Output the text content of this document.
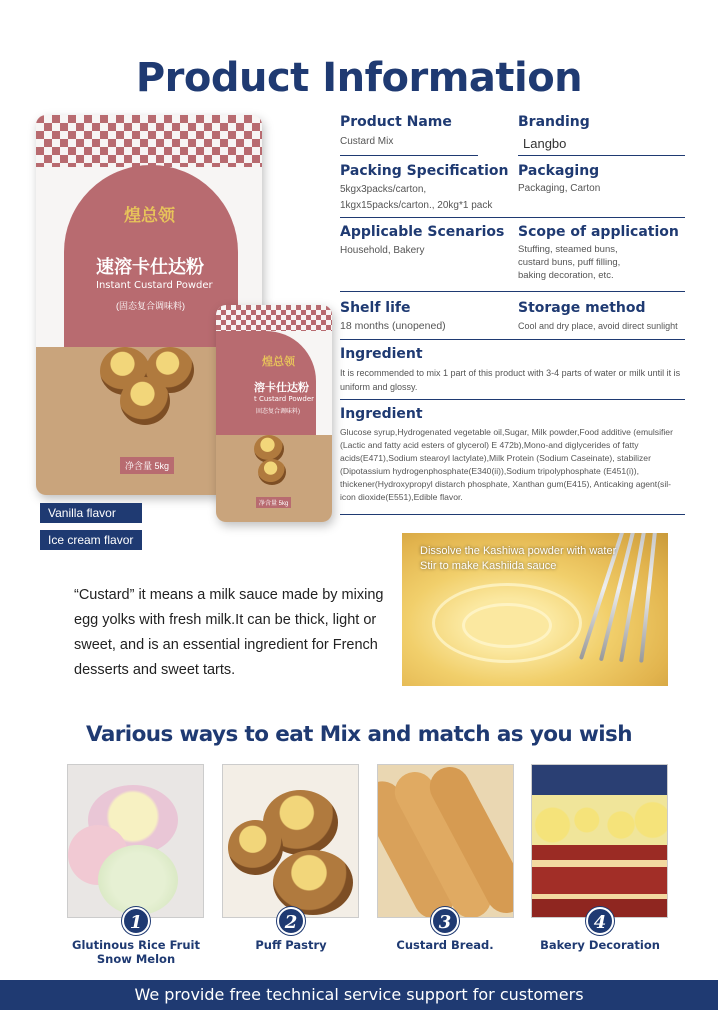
Product Information
煌总领
速溶卡仕达粉
Instant Custard Powder
(固态复合调味料)
净含量 5kg
煌总领
溶卡仕达粉
t Custard Powder
固态复合调味料)
净含量 5kg
Vanilla flavor
Ice cream flavor
Product Name
Custard Mix
Branding
Langbo
Packing Specification
5kgx3packs/carton,
1kgx15packs/carton., 20kg*1 pack
Packaging
Packaging, Carton
Applicable Scenarios
Household, Bakery
Scope of application
Stuffing, steamed buns, custard buns, puff filling, baking decoration, etc.
Shelf life
18 months (unopened)
Storage method
Cool and dry place, avoid direct sunlight
Ingredient
It is recommended to mix 1 part of this product with 3-4 parts of water or milk until it is uniform and glossy.
Ingredient
Glucose syrup,Hydrogenated vegetable oil,Sugar, Milk powder,Food additive (emulsifier (Lactic and fatty acid esters of glycerol) E 472b),Mono-and diglycerides of fatty acids(E471),Sodium stearoyl lactylate),Milk Protein (Sodium Caseinate), stabilizer (Dipotassium hydrogenphosphate(E340(ii)),Sodium tripolyphosphate (E451(i)), thickener(Hydroxypropyl distarch phosphate, Xanthan gum(E415), Anticaking agent(sil-icon dioxide(E551),Edible flavor.
“Custard” it means a milk sauce made by mixing egg yolks with fresh milk.It can be thick, light or sweet, and is an essential ingredient for French desserts and sweet tarts.
Dissolve the Kashiwa powder with water
Stir to make Kashiida sauce
Various ways to eat Mix and match as you wish
1	2	3	4
Glutinous Rice Fruit
Snow Melon
Puff Pastry	Custard Bread.	Bakery Decoration
We provide free technical service support for customers
